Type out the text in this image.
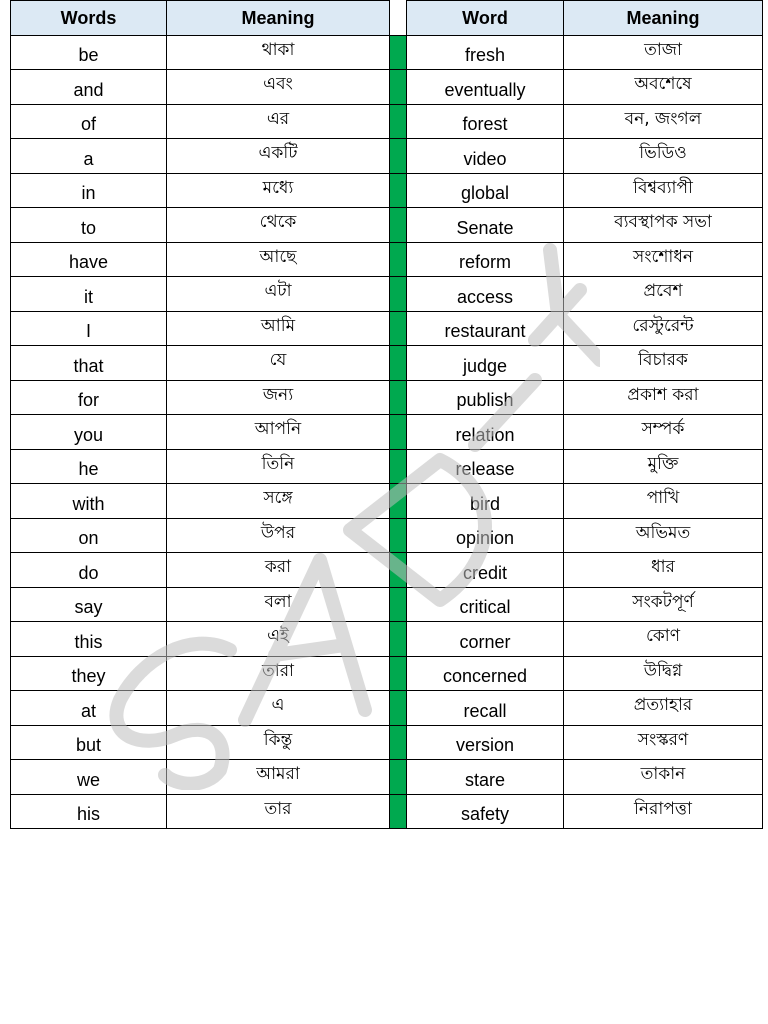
Words	Meaning	Word	Meaning
be	থাকা	fresh	তাজা
and	এবং	eventually	অবশেষে
of	এর	forest	বন, জংগল
a	একটি	video	ভিডিও
in	মধ্যে	global	বিশ্বব্যাপী
to	থেকে	Senate	ব্যবস্থাপক সভা
have	আছে	reform	সংশোধন
it	এটা	access	প্রবেশ
I	আমি	restaurant	রেস্টুরেন্ট
that	যে	judge	বিচারক
for	জন্য	publish	প্রকাশ করা
you	আপনি	relation	সম্পর্ক
he	তিনি	release	মুক্তি
with	সঙ্গে	bird	পাখি
on	উপর	opinion	অভিমত
do	করা	credit	ধার
say	বলা	critical	সংকটপূর্ণ
this	এই	corner	কোণ
they	তারা	concerned	উদ্বিগ্ন
at	এ	recall	প্রত্যাহার
but	কিন্তু	version	সংস্করণ
we	আমরা	stare	তাকান
his	তার	safety	নিরাপত্তা
